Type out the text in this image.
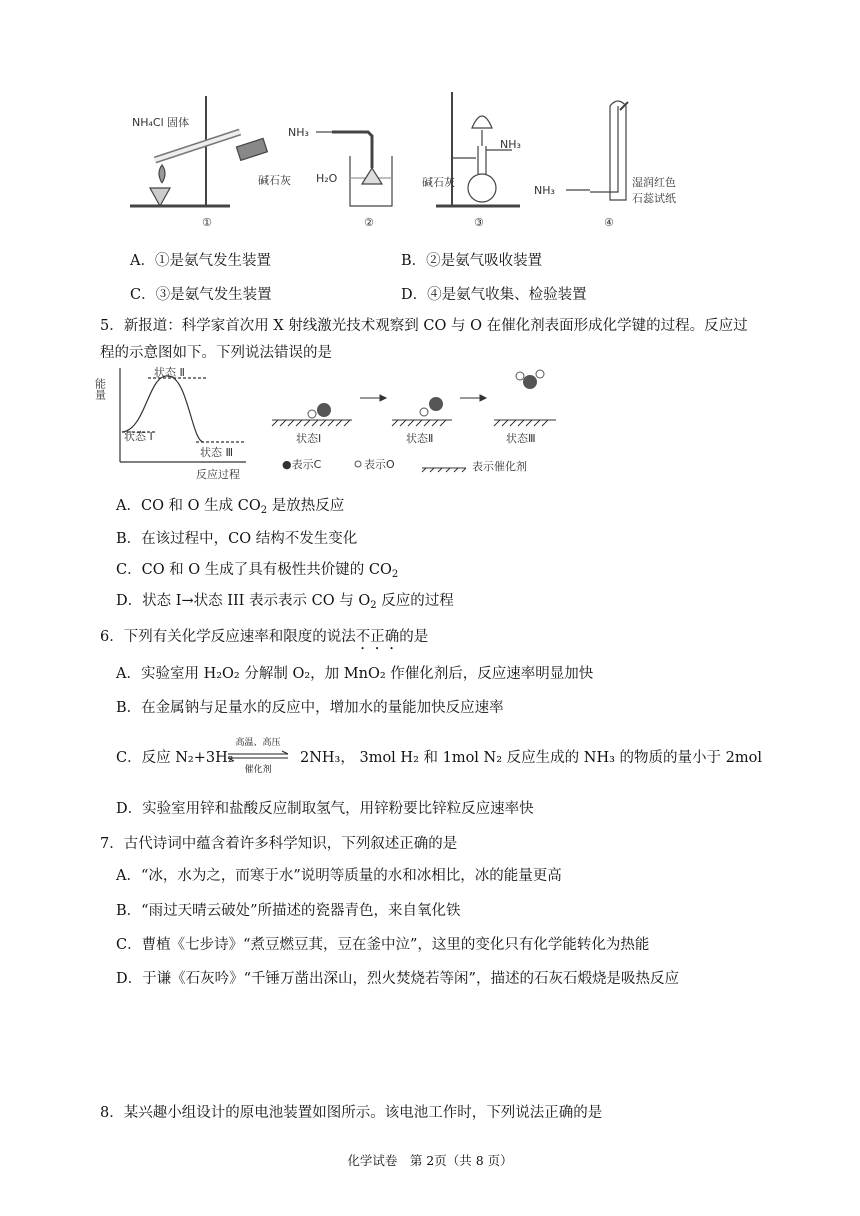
NH₄Cl 固体
碱石灰
①
NH₃
H₂O
②
NH₃
碱石灰
③
NH₃
湿润红色
石蕊试纸
④
A．①是氨气发生装置	B．②是氨气吸收装置
C．③是氨气发生装置	D．④是氨气收集、检验装置
5．新报道：科学家首次用 X 射线激光技术观察到 CO 与 O 在催化剂表面形成化学键的过程。反应过
程的示意图如下。下列说法错误的是
能量
状态 Ⅱ
状态 Ⅰ
状态 Ⅲ
反应过程
状态Ⅰ	状态Ⅱ	状态Ⅲ
●表示C	表示O	表示催化剂
A．CO 和 O 生成 $CO_2$ 是放热反应
B．在该过程中，CO 结构不发生变化
C．CO 和 O 生成了具有极性共价键的 $CO_2$
D．状态 I→状态 III 表示表示 CO 与 $O_2$ 反应的过程
6．下列有关化学反应速率和限度的说法不正确的是
A．实验室用 H₂O₂ 分解制 O₂，加 MnO₂ 作催化剂后，反应速率明显加快
B．在金属钠与足量水的反应中，增加水的量能加快反应速率
C．反应 N₂+3H₂
高温、高压
催化剂
2NH₃， 3mol H₂ 和 1mol N₂ 反应生成的 NH₃ 的物质的量小于 2mol
D．实验室用锌和盐酸反应制取氢气，用锌粉要比锌粒反应速率快
7．古代诗词中蕴含着许多科学知识，下列叙述正确的是
A．“冰，水为之，而寒于水”说明等质量的水和冰相比，冰的能量更高
B．“雨过天晴云破处”所描述的瓷器青色，来自氧化铁
C．曹植《七步诗》“煮豆燃豆萁，豆在釜中泣”，这里的变化只有化学能转化为热能
D．于谦《石灰吟》“千锤万凿出深山，烈火焚烧若等闲”，描述的石灰石煅烧是吸热反应
8．某兴趣小组设计的原电池装置如图所示。该电池工作时，下列说法正确的是
化学试卷　第 2页（共 8 页）
